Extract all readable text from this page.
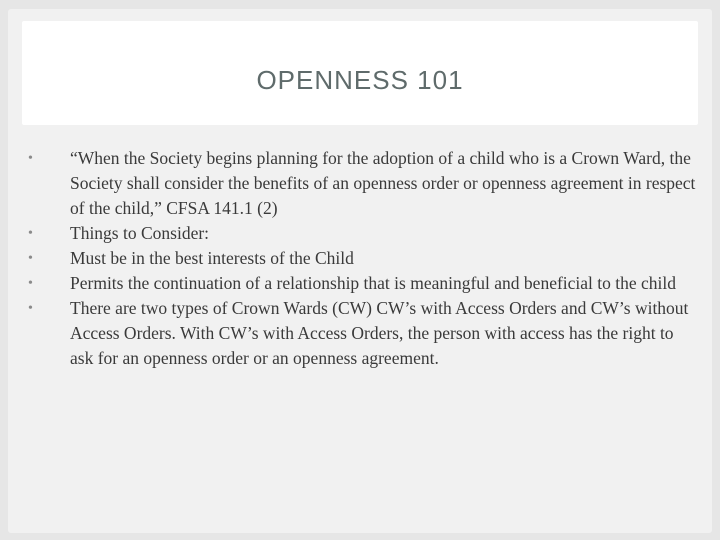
OPENNESS 101
• “When the Society begins planning for the adoption of a child who is a Crown Ward, the Society shall consider the benefits of an openness order or openness agreement in respect of the child,” CFSA 141.1 (2)
• Things to Consider:
• Must be in the best interests of the Child
• Permits the continuation of a relationship that is meaningful and beneficial to the child
• There are two types of Crown Wards (CW) CW’s with Access Orders and CW’s without Access Orders. With CW’s with Access Orders, the person with access has the right to ask for an openness order or an openness agreement.
